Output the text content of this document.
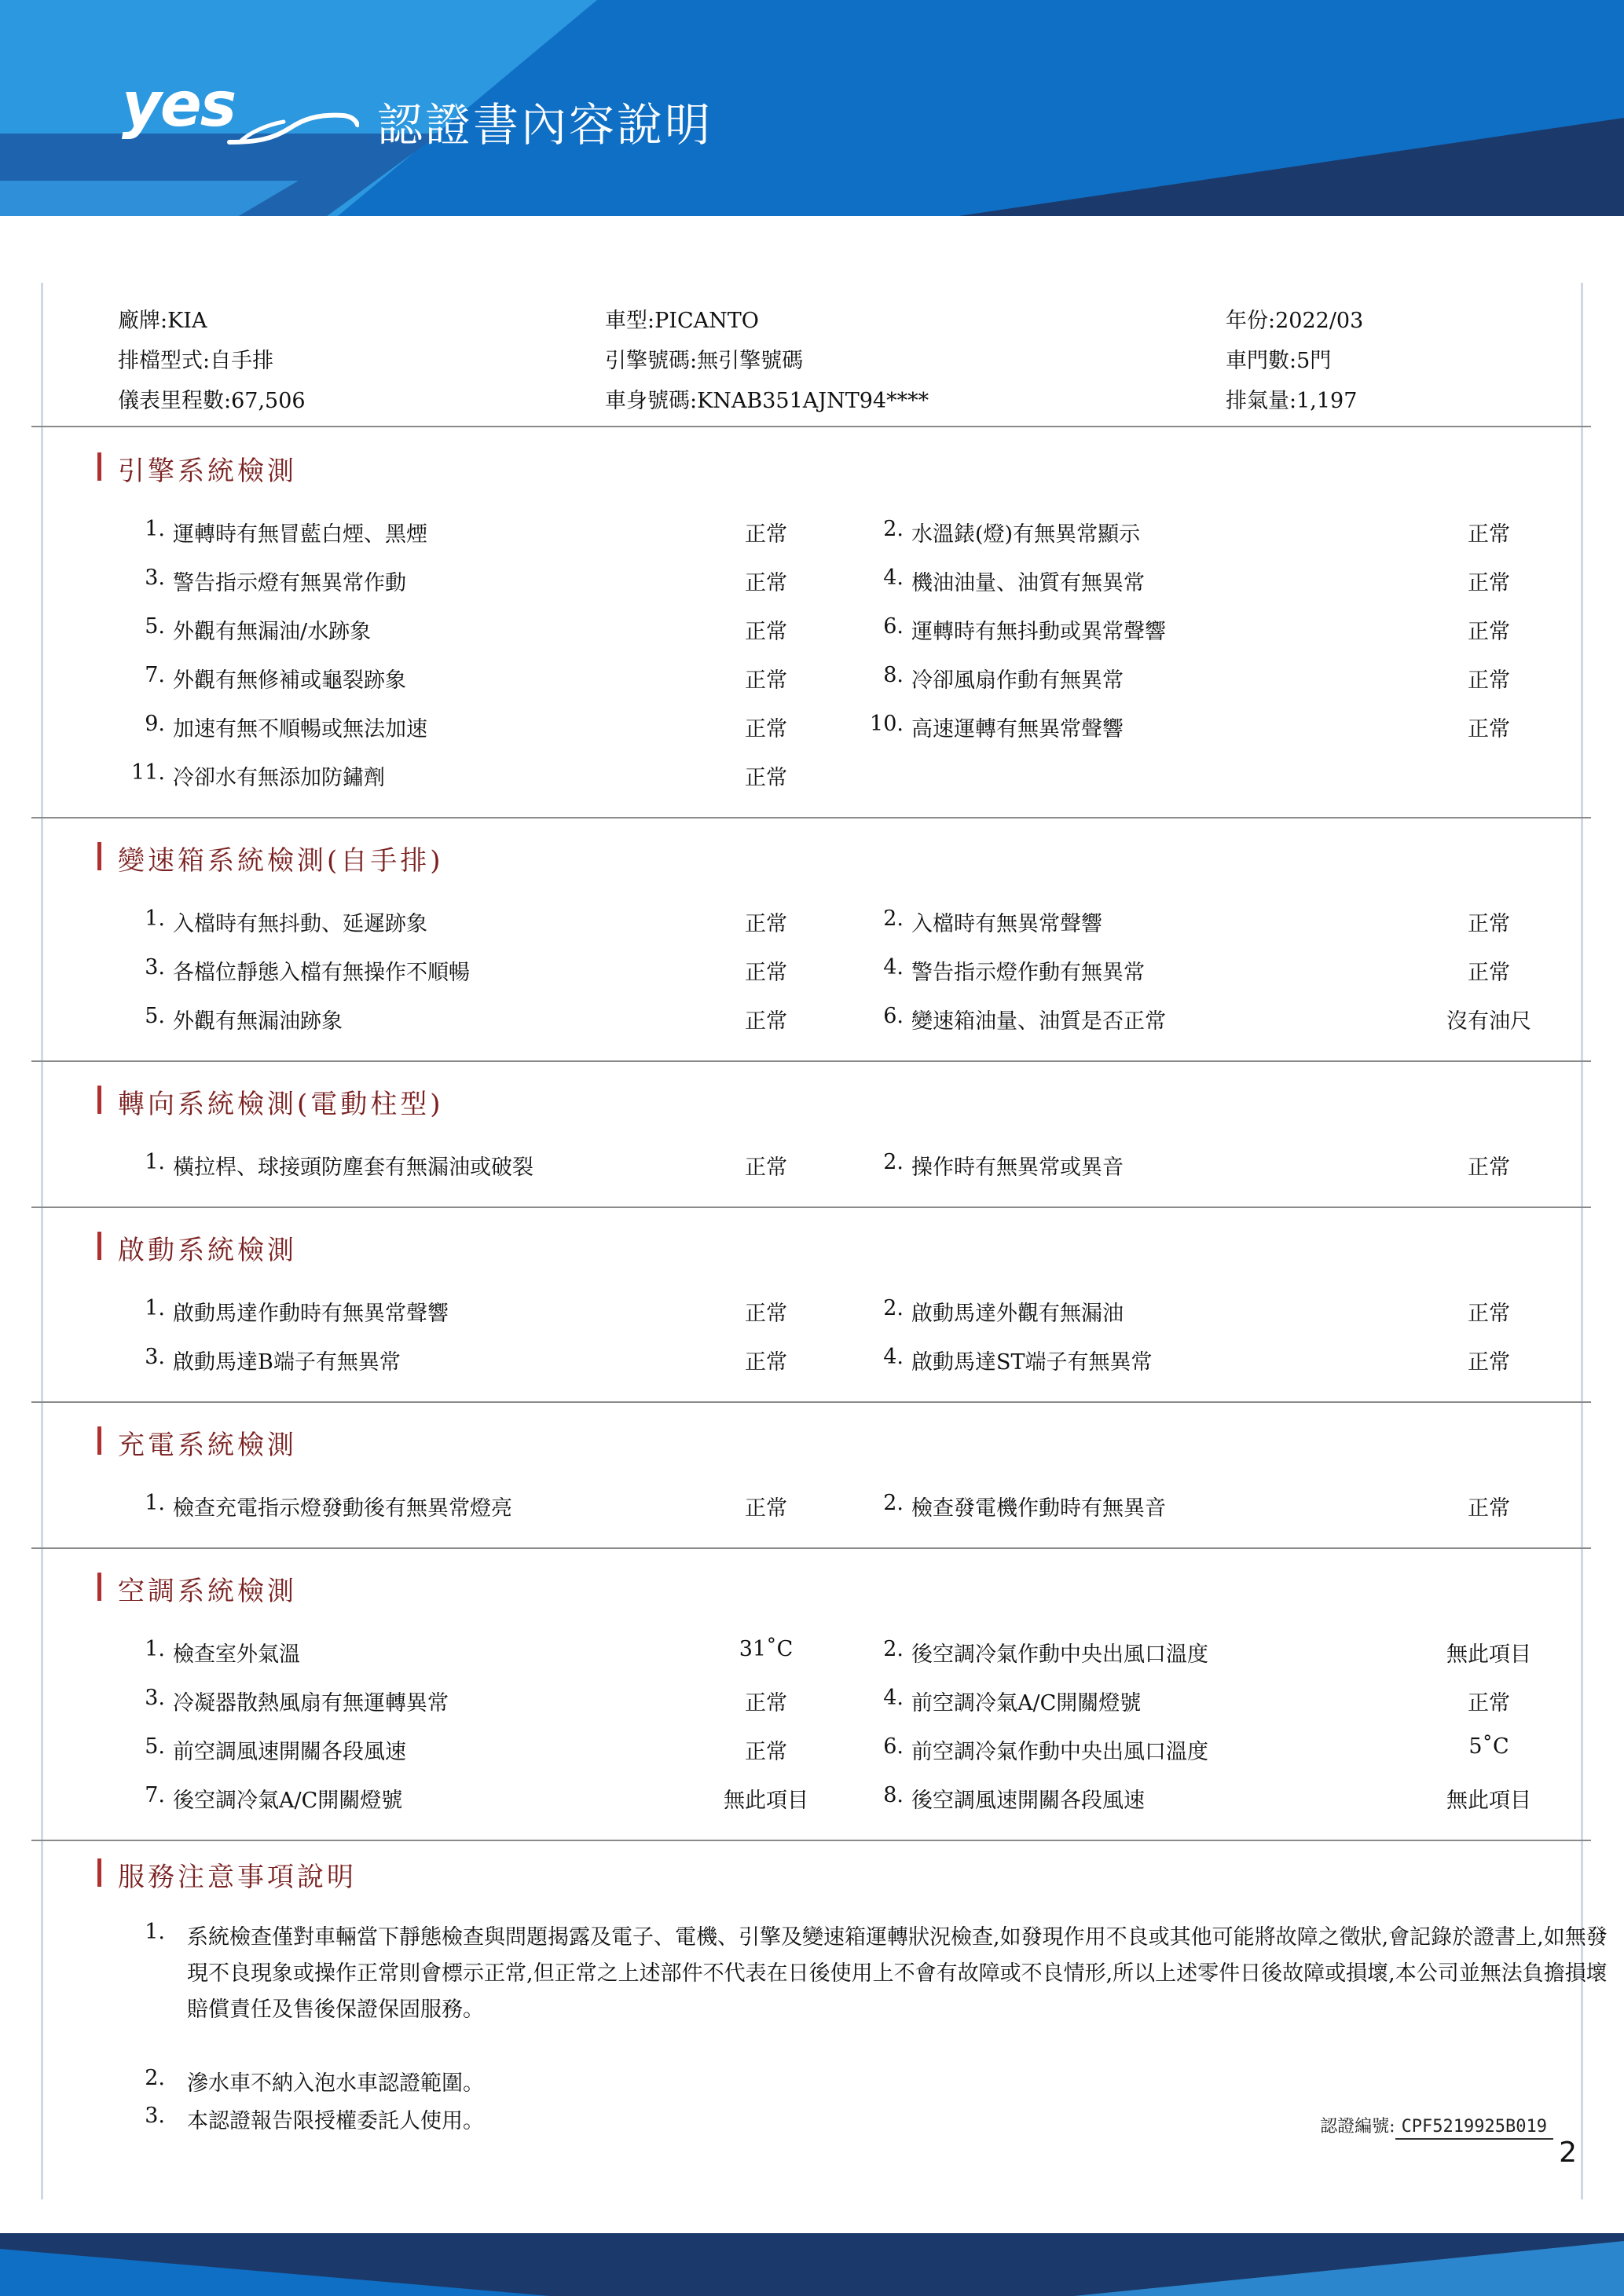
yes	認證書內容說明
廠牌:KIA	車型:PICANTO	年份:2022/03
排檔型式:自手排	引擎號碼:無引擎號碼	車門數:5門
儀表里程數:67,506	車身號碼:KNAB351AJNT94****	排氣量:1,197
引擎系統檢測
1. 運轉時有無冒藍白煙、黑煙	正常	2. 水溫錶(燈)有無異常顯示	正常
3. 警告指示燈有無異常作動	正常	4. 機油油量、油質有無異常	正常
5. 外觀有無漏油/水跡象	正常	6. 運轉時有無抖動或異常聲響	正常
7. 外觀有無修補或龜裂跡象	正常	8. 冷卻風扇作動有無異常	正常
9. 加速有無不順暢或無法加速	正常	10. 高速運轉有無異常聲響	正常
11. 冷卻水有無添加防鏽劑	正常
變速箱系統檢測(自手排)
1. 入檔時有無抖動、延遲跡象	正常	2. 入檔時有無異常聲響	正常
3. 各檔位靜態入檔有無操作不順暢	正常	4. 警告指示燈作動有無異常	正常
5. 外觀有無漏油跡象	正常	6. 變速箱油量、油質是否正常	沒有油尺
轉向系統檢測(電動柱型)
1. 橫拉桿、球接頭防塵套有無漏油或破裂	正常	2. 操作時有無異常或異音	正常
啟動系統檢測
1. 啟動馬達作動時有無異常聲響	正常	2. 啟動馬達外觀有無漏油	正常
3. 啟動馬達B端子有無異常	正常	4. 啟動馬達ST端子有無異常	正常
充電系統檢測
1. 檢查充電指示燈發動後有無異常燈亮	正常	2. 檢查發電機作動時有無異音	正常
空調系統檢測
1. 檢查室外氣溫	31˚C	2. 後空調冷氣作動中央出風口溫度	無此項目
3. 冷凝器散熱風扇有無運轉異常	正常	4. 前空調冷氣A/C開關燈號	正常
5. 前空調風速開關各段風速	正常	6. 前空調冷氣作動中央出風口溫度	5˚C
7. 後空調冷氣A/C開關燈號	無此項目	8. 後空調風速開關各段風速	無此項目
服務注意事項說明
1. 系統檢查僅對車輛當下靜態檢查與問題揭露及電子、電機、引擎及變速箱運轉狀況檢查,如發現作用不良或其他可能將故障之徵狀,會記錄於證書上,如無發現不良現象或操作正常則會標示正常,但正常之上述部件不代表在日後使用上不會有故障或不良情形,所以上述零件日後故障或損壞,本公司並無法負擔損壞賠償責任及售後保證保固服務。
2. 滲水車不納入泡水車認證範圍。
3. 本認證報告限授權委託人使用。	認證編號: CPF5219925B019
2
